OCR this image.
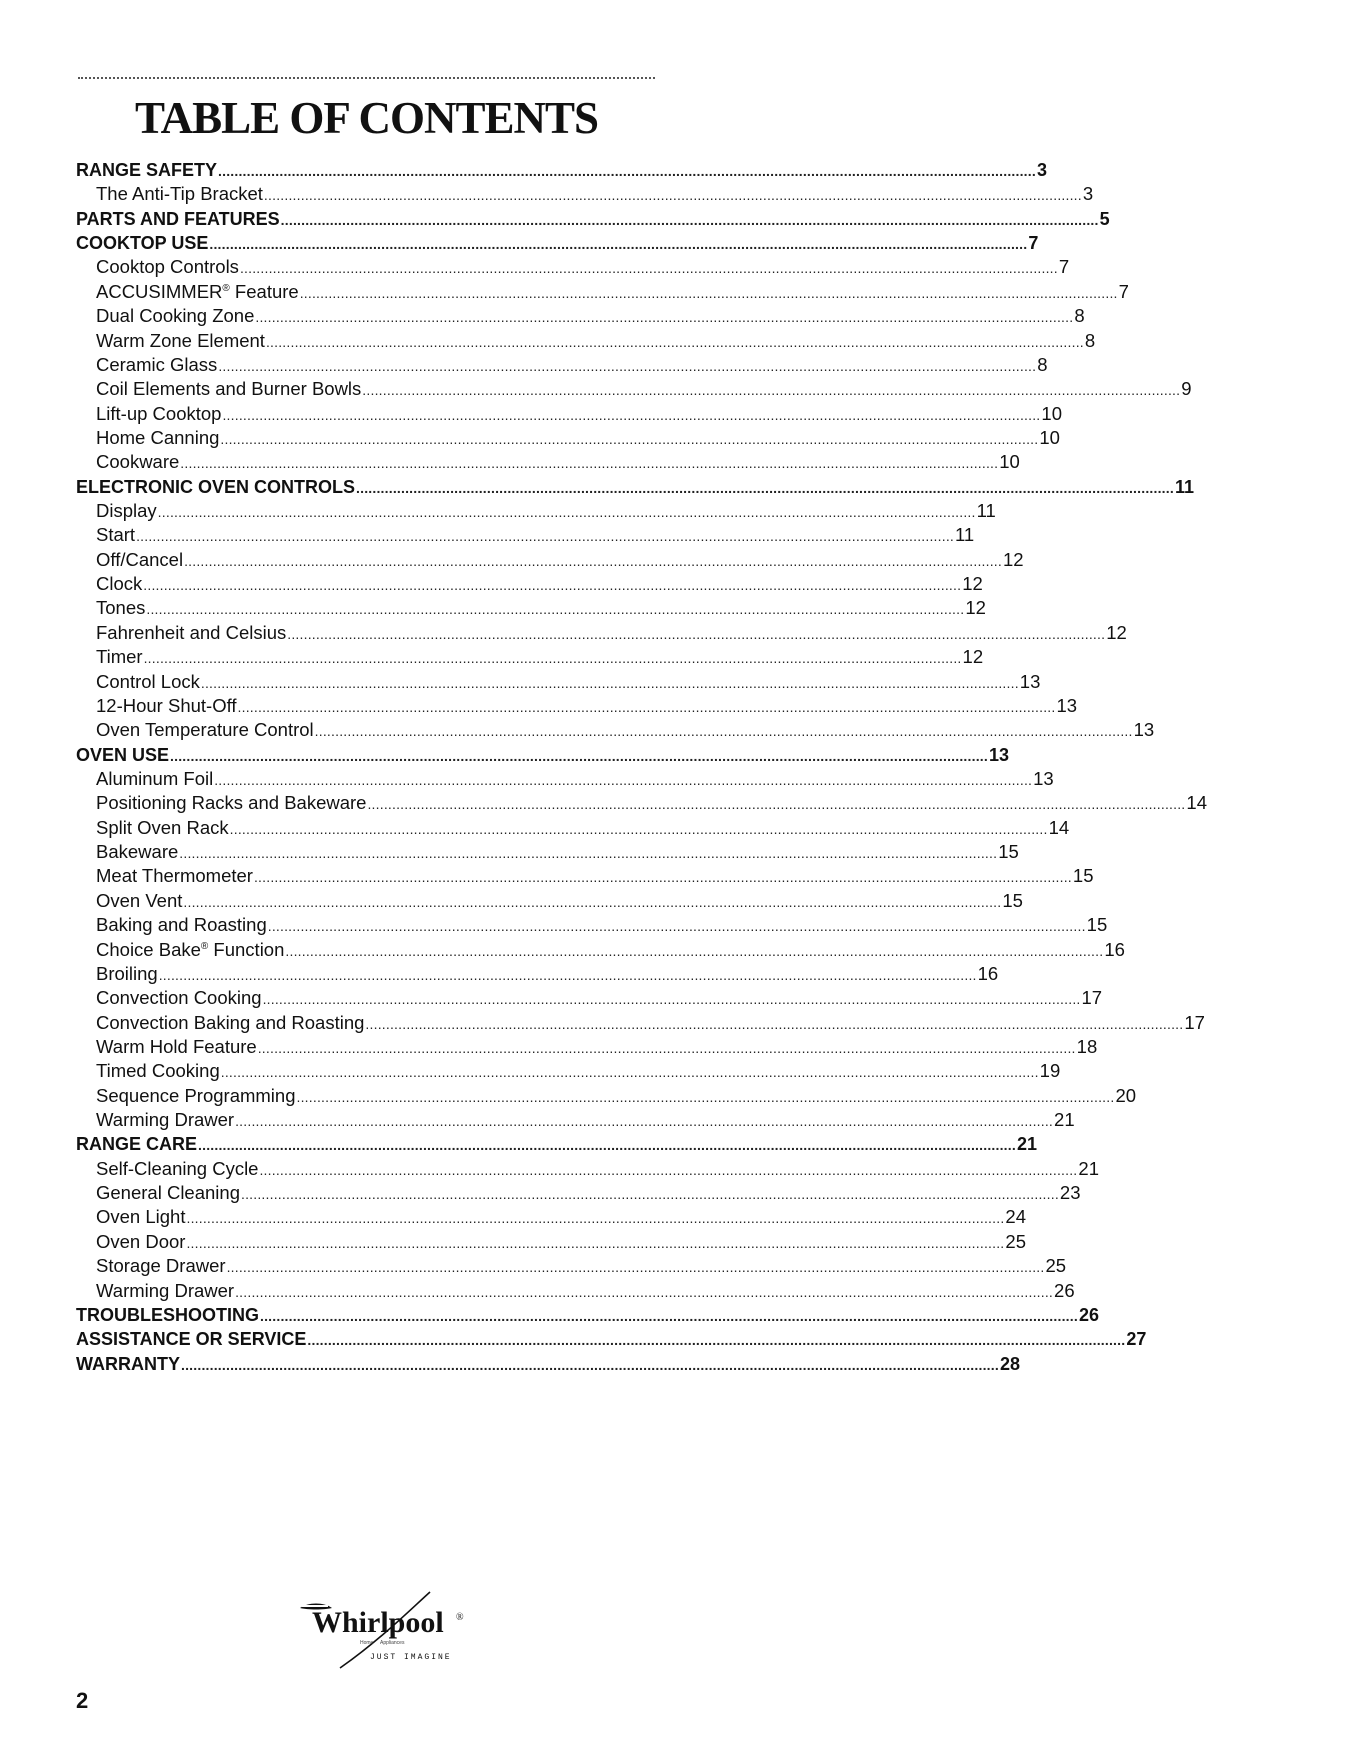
TABLE OF CONTENTS
RANGE SAFETY ........................................................................................................................................................................................................ 3
The Anti-Tip Bracket ........................................................................................................................................................................................................ 3
PARTS AND FEATURES ........................................................................................................................................................................................................ 5
COOKTOP USE ........................................................................................................................................................................................................ 7
Cooktop Controls ........................................................................................................................................................................................................ 7
ACCUSIMMER® Feature ........................................................................................................................................................................................................ 7
Dual Cooking Zone ........................................................................................................................................................................................................ 8
Warm Zone Element ........................................................................................................................................................................................................ 8
Ceramic Glass ........................................................................................................................................................................................................ 8
Coil Elements and Burner Bowls ........................................................................................................................................................................................................ 9
Lift-up Cooktop ........................................................................................................................................................................................................ 10
Home Canning ........................................................................................................................................................................................................ 10
Cookware ........................................................................................................................................................................................................ 10
ELECTRONIC OVEN CONTROLS ........................................................................................................................................................................................................ 11
Display ........................................................................................................................................................................................................ 11
Start ........................................................................................................................................................................................................ 11
Off/Cancel ........................................................................................................................................................................................................ 12
Clock ........................................................................................................................................................................................................ 12
Tones ........................................................................................................................................................................................................ 12
Fahrenheit and Celsius ........................................................................................................................................................................................................ 12
Timer ........................................................................................................................................................................................................ 12
Control Lock ........................................................................................................................................................................................................ 13
12-Hour Shut-Off ........................................................................................................................................................................................................ 13
Oven Temperature Control ........................................................................................................................................................................................................ 13
OVEN USE ........................................................................................................................................................................................................ 13
Aluminum Foil ........................................................................................................................................................................................................ 13
Positioning Racks and Bakeware ........................................................................................................................................................................................................ 14
Split Oven Rack ........................................................................................................................................................................................................ 14
Bakeware ........................................................................................................................................................................................................ 15
Meat Thermometer ........................................................................................................................................................................................................ 15
Oven Vent ........................................................................................................................................................................................................ 15
Baking and Roasting ........................................................................................................................................................................................................ 15
Choice Bake® Function ........................................................................................................................................................................................................ 16
Broiling ........................................................................................................................................................................................................ 16
Convection Cooking ........................................................................................................................................................................................................ 17
Convection Baking and Roasting ........................................................................................................................................................................................................ 17
Warm Hold Feature ........................................................................................................................................................................................................ 18
Timed Cooking ........................................................................................................................................................................................................ 19
Sequence Programming ........................................................................................................................................................................................................ 20
Warming Drawer ........................................................................................................................................................................................................ 21
RANGE CARE ........................................................................................................................................................................................................ 21
Self-Cleaning Cycle ........................................................................................................................................................................................................ 21
General Cleaning ........................................................................................................................................................................................................ 23
Oven Light ........................................................................................................................................................................................................ 24
Oven Door ........................................................................................................................................................................................................ 25
Storage Drawer ........................................................................................................................................................................................................ 25
Warming Drawer ........................................................................................................................................................................................................ 26
TROUBLESHOOTING ........................................................................................................................................................................................................ 26
ASSISTANCE OR SERVICE ........................................................................................................................................................................................................ 27
WARRANTY ........................................................................................................................................................................................................ 28
Whirlpool ®
Home Appliances
JUST IMAGINE
2
